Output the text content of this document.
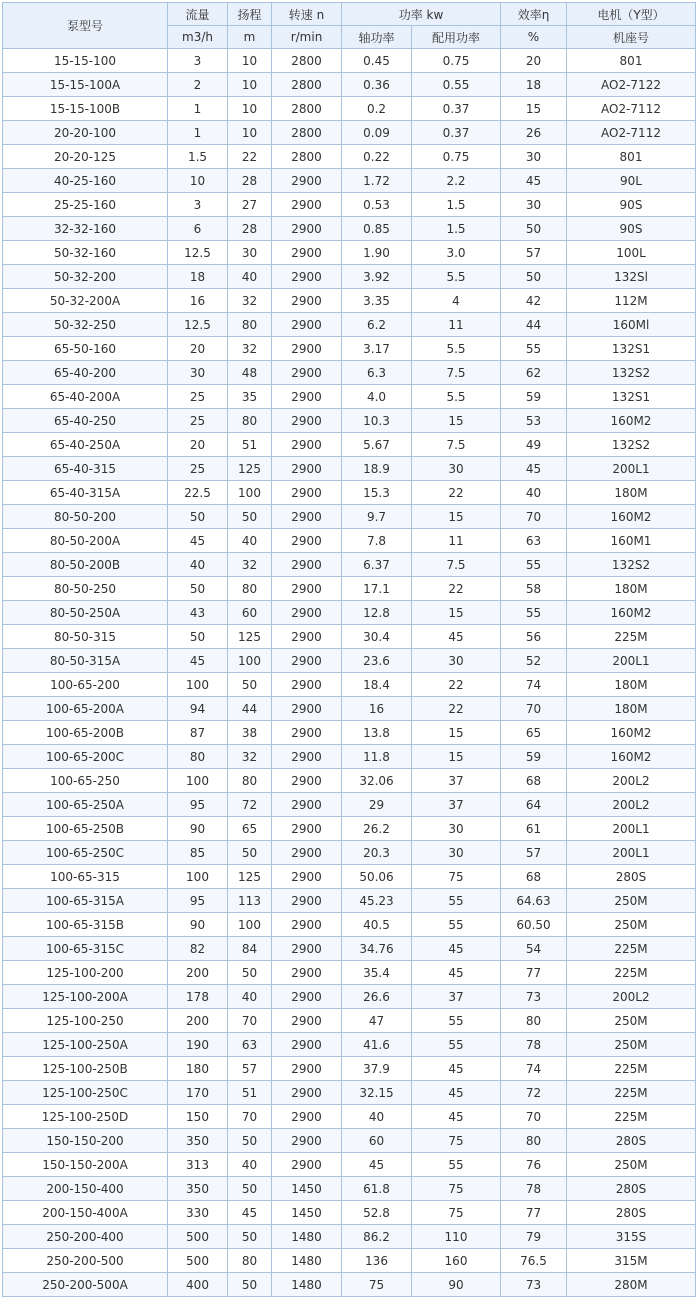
泵型号	流量	扬程	转速 n	功率 kw		效率η	电机（Y型）
	m3/h	m	r/min	轴功率	配用功率	%	机座号
15-15-100	3	10	2800	0.45	0.75	20	801
15-15-100A	2	10	2800	0.36	0.55	18	AO2-7122
15-15-100B	1	10	2800	0.2	0.37	15	AO2-7112
20-20-100	1	10	2800	0.09	0.37	26	AO2-7112
20-20-125	1.5	22	2800	0.22	0.75	30	801
40-25-160	10	28	2900	1.72	2.2	45	90L
25-25-160	3	27	2900	0.53	1.5	30	90S
32-32-160	6	28	2900	0.85	1.5	50	90S
50-32-160	12.5	30	2900	1.90	3.0	57	100L
50-32-200	18	40	2900	3.92	5.5	50	132Sl
50-32-200A	16	32	2900	3.35	4	42	112M
50-32-250	12.5	80	2900	6.2	11	44	160Ml
65-50-160	20	32	2900	3.17	5.5	55	132S1
65-40-200	30	48	2900	6.3	7.5	62	132S2
65-40-200A	25	35	2900	4.0	5.5	59	132S1
65-40-250	25	80	2900	10.3	15	53	160M2
65-40-250A	20	51	2900	5.67	7.5	49	132S2
65-40-315	25	125	2900	18.9	30	45	200L1
65-40-315A	22.5	100	2900	15.3	22	40	180M
80-50-200	50	50	2900	9.7	15	70	160M2
80-50-200A	45	40	2900	7.8	11	63	160M1
80-50-200B	40	32	2900	6.37	7.5	55	132S2
80-50-250	50	80	2900	17.1	22	58	180M
80-50-250A	43	60	2900	12.8	15	55	160M2
80-50-315	50	125	2900	30.4	45	56	225M
80-50-315A	45	100	2900	23.6	30	52	200L1
100-65-200	100	50	2900	18.4	22	74	180M
100-65-200A	94	44	2900	16	22	70	180M
100-65-200B	87	38	2900	13.8	15	65	160M2
100-65-200C	80	32	2900	11.8	15	59	160M2
100-65-250	100	80	2900	32.06	37	68	200L2
100-65-250A	95	72	2900	29	37	64	200L2
100-65-250B	90	65	2900	26.2	30	61	200L1
100-65-250C	85	50	2900	20.3	30	57	200L1
100-65-315	100	125	2900	50.06	75	68	280S
100-65-315A	95	113	2900	45.23	55	64.63	250M
100-65-315B	90	100	2900	40.5	55	60.50	250M
100-65-315C	82	84	2900	34.76	45	54	225M
125-100-200	200	50	2900	35.4	45	77	225M
125-100-200A	178	40	2900	26.6	37	73	200L2
125-100-250	200	70	2900	47	55	80	250M
125-100-250A	190	63	2900	41.6	55	78	250M
125-100-250B	180	57	2900	37.9	45	74	225M
125-100-250C	170	51	2900	32.15	45	72	225M
125-100-250D	150	70	2900	40	45	70	225M
150-150-200	350	50	2900	60	75	80	280S
150-150-200A	313	40	2900	45	55	76	250M
200-150-400	350	50	1450	61.8	75	78	280S
200-150-400A	330	45	1450	52.8	75	77	280S
250-200-400	500	50	1480	86.2	110	79	315S
250-200-500	500	80	1480	136	160	76.5	315M
250-200-500A	400	50	1480	75	90	73	280M
